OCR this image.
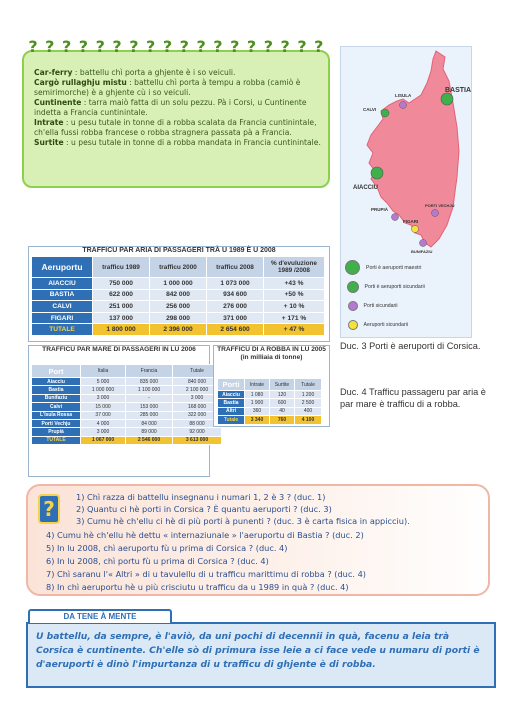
? ? ? ? ? ? ? ? ? ? ? ? ? ? ? ? ? ?

Car-ferry : battellu chì porta a ghjente è i so veiculi.

Cargò rullaghju mistu : battellu chì porta à tempu a robba (camiò è semirimorche) è a ghjente cù i so veiculi.

Cuntinente : tarra maiò fatta di un solu pezzu. Pà i Corsi, u Cuntinente indetta a Francia cuntinintale.

Intrate : u pesu tutale in tonne di a robba scalata da Francia cuntinintale, ch'ella fussi robba francese o robba stragnera passata pà a Francia.

Surtite : u pesu tutale in tonne di a robba mandata in Francia cuntinintale.

BASTIA
LISULA
CALVI
AIACCIU
PRUPIÀ
FIGARI
PORTI VECHJU
BUNIFAZIU
Porti è aeruporti maestri
Porti è aeruporti sicundarii
Porti sicundarii
Aeruporti sicundarii
Duc. 3 Porti è aeruporti di Corsica.
Duc. 4 Trafficu passageru par aria è par mare è trafficu di a robba.
TRAFFICU PAR ARIA DI PASSAGERI TRÀ U 1989 È U 2008
Aeruportu	trafficu 1989	trafficu 2000	trafficu 2008	% d'evuluzione 1989 /2008
AIACCIU	750 000	1 000 000	1 073 000	+43 %
BASTIA	622 000	842 000	934 600	+50 %
CALVI	251 000	256 000	276 000	+ 10 %
FIGARI	137 000	298 000	371 000	+ 171 %
TUTALE	1 800 000	2 396 000	2 654 600	+ 47 %
TRAFFICU PAR MARE DI PASSAGERI IN LU 2006
Port	Italia	Francia	Tutale
Aiacciu	5 000	835 000	840 000
Bastia	1 000 000	1 100 000	2 100 000
Bunifaziu	3 000	-	3 000
Calvi	15 000	153 000	168 000
L'Isula Rossa	37 000	285 000	322 000
Porti Vechju	4 000	84 000	88 000
Prupià	3 000	89 000	92 000
TUTALE	1 067 000	2 546 000	3 613 000
TRAFFICU DI A ROBBA IN LU 2005 (in milliaia di tonne)
Porti	Intrate	Surtite	Tutale
Aiacciu	1 080	120	1 200
Bastia	1 900	600	2 500
Altri	360	40	400
Tutale	3 340	760	4 100
?	1) Chì razza di battellu insegnanu i numari 1, 2 è 3 ? (duc. 1)
2) Quantu ci hè porti in Corsica ? È quantu aeruporti ? (duc. 3)
3) Cumu hè ch'ellu ci hè di più porti à punenti ? (duc. 3 è carta fisica in appicciu).
4) Cumu hè ch'ellu hè dettu « internaziunale » l'aeruportu di Bastia ? (duc. 2)
5) In lu 2008, chì aeruportu fù u prima di Corsica ? (duc. 4)
6) In lu 2008, chì portu fù u prima di Corsica ? (duc. 4)
7) Chì saranu l'« Altri » di u tavulellu di u trafficu marittimu di robba ? (duc. 4)
8) In chì aeruportu hè u più crisciutu u trafficu da u 1989 in quà ? (duc. 4)
DA TENE À MENTE
U battellu, da sempre, è l'aviò, da uni pochi di decennii in quà, facenu a leia trà Corsica è cuntinente. Ch'elle sò di primura isse leie a ci face vede u numaru di porti è d'aeruporti è dinò l'impurtanza di u trafficu di ghjente è di robba.
